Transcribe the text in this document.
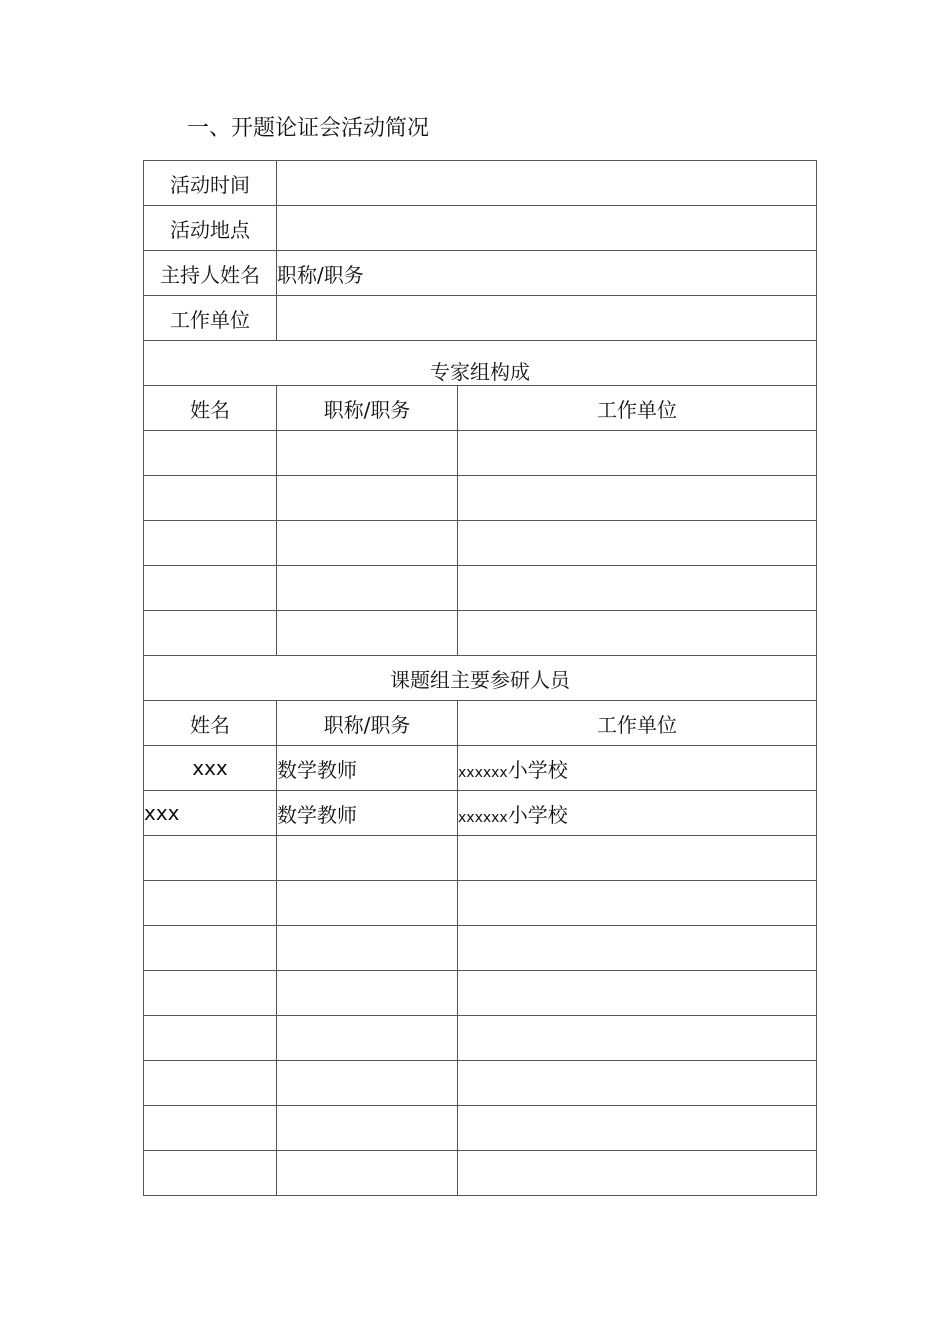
一、开题论证会活动简况
活动时间		
活动地点		
主持人姓名	职称/职务	
工作单位		
专家组构成		
姓名	职称/职务	工作单位

课题组主要参研人员		
姓名	职称/职务	工作单位
xxx	数学教师	xxxxxx小学校
xxx	数学教师	xxxxxx小学校
